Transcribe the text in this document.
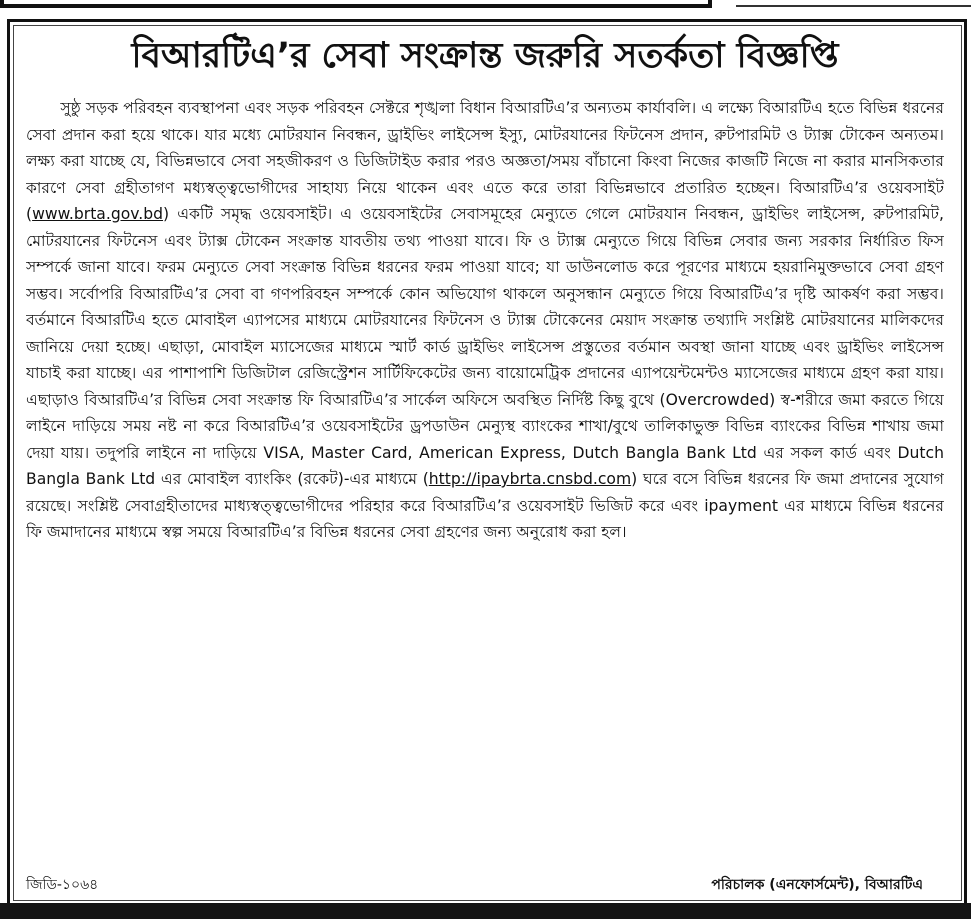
বিআরটিএ’র সেবা সংক্রান্ত জরুরি সতর্কতা বিজ্ঞপ্তি

সুষ্ঠু সড়ক পরিবহন ব্যবস্থাপনা এবং সড়ক পরিবহন সেক্টরে শৃঙ্খলা বিধান বিআরটিএ’র অন্যতম কার্যাবলি। এ লক্ষ্যে বিআরটিএ হতে বিভিন্ন ধরনের সেবা প্রদান করা হয়ে থাকে। যার মধ্যে মোটরযান নিবন্ধন, ড্রাইভিং লাইসেন্স ইস্যু, মোটরযানের ফিটনেস প্রদান, রুটপারমিট ও ট্যাক্স টোকেন অন্যতম। লক্ষ্য করা যাচ্ছে যে, বিভিন্নভাবে সেবা সহজীকরণ ও ডিজিটাইড করার পরও অজ্ঞতা/সময় বাঁচানো কিংবা নিজের কাজটি নিজে না করার মানসিকতার কারণে সেবা গ্রহীতাগণ মধ্যস্বত্ত্বভোগীদের সাহায্য নিয়ে থাকেন এবং এতে করে তারা বিভিন্নভাবে প্রতারিত হচ্ছেন। বিআরটিএ’র ওয়েবসাইট (www.brta.gov.bd) একটি সমৃদ্ধ ওয়েবসাইট। এ ওয়েবসাইটের সেবাসমূহের মেন্যুতে গেলে মোটরযান নিবন্ধন, ড্রাইভিং লাইসেন্স, রুটপারমিট, মোটরযানের ফিটনেস এবং ট্যাক্স টোকেন সংক্রান্ত যাবতীয় তথ্য পাওয়া যাবে। ফি ও ট্যাক্স মেন্যুতে গিয়ে বিভিন্ন সেবার জন্য সরকার নির্ধারিত ফিস সম্পর্কে জানা যাবে। ফরম মেন্যুতে সেবা সংক্রান্ত বিভিন্ন ধরনের ফরম পাওয়া যাবে; যা ডাউনলোড করে পূরণের মাধ্যমে হয়রানিমুক্তভাবে সেবা গ্রহণ সম্ভব। সর্বোপরি বিআরটিএ’র সেবা বা গণপরিবহন সম্পর্কে কোন অভিযোগ থাকলে অনুসন্ধান মেন্যুতে গিয়ে বিআরটিএ’র দৃষ্টি আকর্ষণ করা সম্ভব। বর্তমানে বিআরটিএ হতে মোবাইল এ্যাপসের মাধ্যমে মোটরযানের ফিটনেস ও ট্যাক্স টোকেনের মেয়াদ সংক্রান্ত তথ্যাদি সংশ্লিষ্ট মোটরযানের মালিকদের জানিয়ে দেয়া হচ্ছে। এছাড়া, মোবাইল ম্যাসেজের মাধ্যমে স্মার্ট কার্ড ড্রাইভিং লাইসেন্স প্রস্তুতের বর্তমান অবস্থা জানা যাচ্ছে এবং ড্রাইভিং লাইসেন্স যাচাই করা যাচ্ছে। এর পাশাপাশি ডিজিটাল রেজিস্ট্রেশন সার্টিফিকেটের জন্য বায়োমেট্রিক প্রদানের এ্যাপয়েন্টমেন্টও ম্যাসেজের মাধ্যমে গ্রহণ করা যায়। এছাড়াও বিআরটিএ’র বিভিন্ন সেবা সংক্রান্ত ফি বিআরটিএ’র সার্কেল অফিসে অবস্থিত নির্দিষ্ট কিছু বুথে (Overcrowded) স্ব-শরীরে জমা করতে গিয়ে লাইনে দাড়িয়ে সময় নষ্ট না করে বিআরটিএ’র ওয়েবসাইটের ড্রপডাউন মেন্যুস্থ ব্যাংকের শাখা/বুথে তালিকাভুক্ত বিভিন্ন ব্যাংকের বিভিন্ন শাখায় জমা দেয়া যায়। তদুপরি লাইনে না দাড়িয়ে VISA, Master Card, American Express, Dutch Bangla Bank Ltd এর সকল কার্ড এবং Dutch Bangla Bank Ltd এর মোবাইল ব্যাংকিং (রকেট)-এর মাধ্যমে (http://ipaybrta.cnsbd.com) ঘরে বসে বিভিন্ন ধরনের ফি জমা প্রদানের সুযোগ রয়েছে। সংশ্লিষ্ট সেবাগ্রহীতাদের মাধ্যস্বত্ত্বভোগীদের পরিহার করে বিআরটিএ’র ওয়েবসাইট ভিজিট করে এবং ipayment এর মাধ্যমে বিভিন্ন ধরনের ফি জমাদানের মাধ্যমে স্বল্প সময়ে বিআরটিএ’র বিভিন্ন ধরনের সেবা গ্রহণের জন্য অনুরোধ করা হল।

জিডি-১০৬৪	পরিচালক (এনফোর্সমেন্ট), বিআরটিএ
